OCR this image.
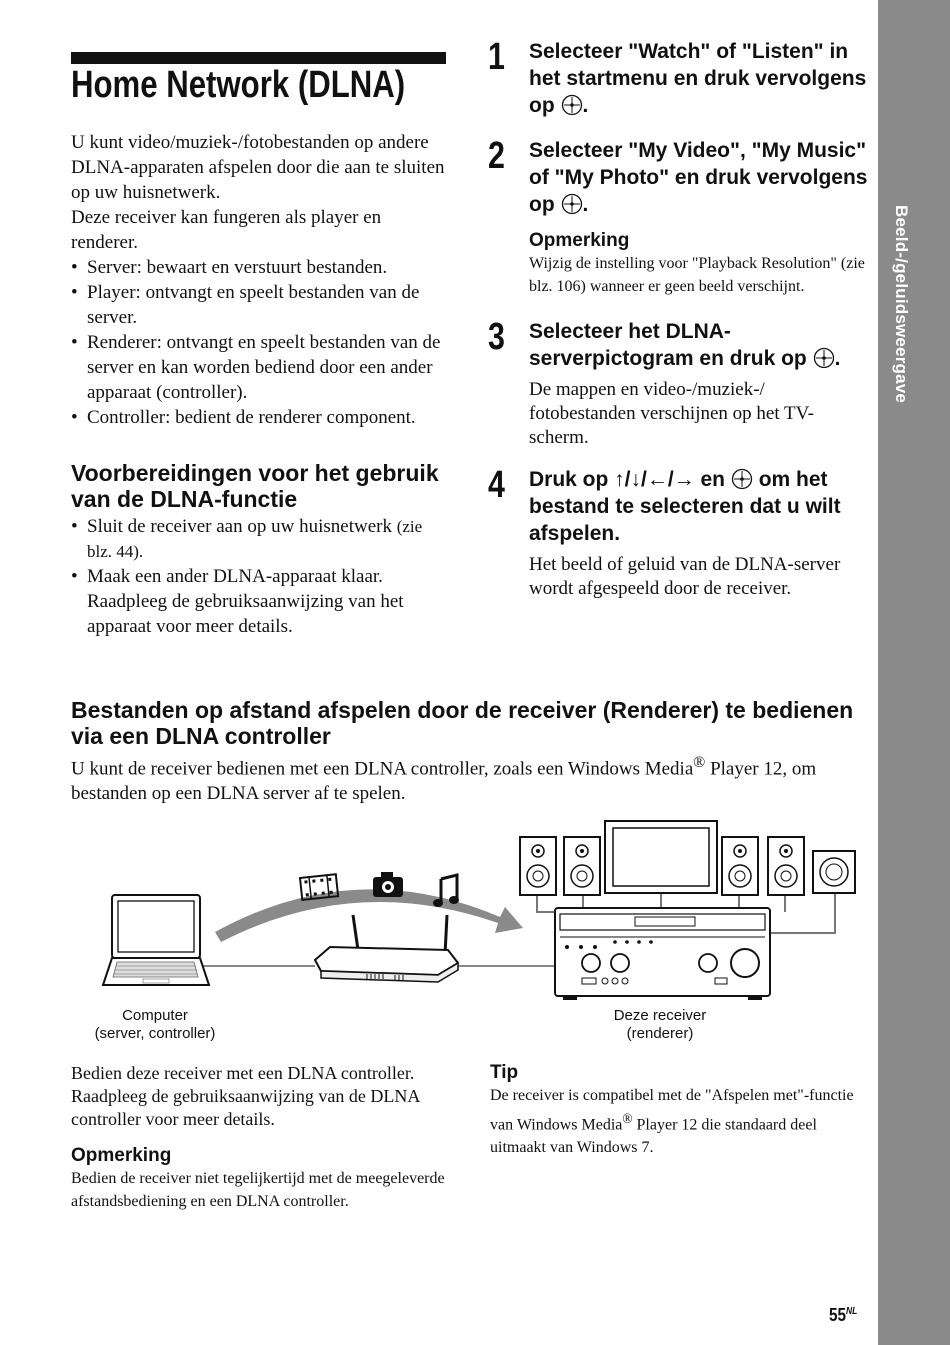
Beeld-/geluidsweergave
Home Network (DLNA)

U kunt video/muziek-/fotobestanden op andere DLNA-apparaten afspelen door die aan te sluiten op uw huisnetwerk.

Deze receiver kan fungeren als player en renderer.

• Server: bewaart en verstuurt bestanden.
• Player: ontvangt en speelt bestanden van de server.
• Renderer: ontvangt en speelt bestanden van de server en kan worden bediend door een ander apparaat (controller).
• Controller: bedient de renderer component.
Voorbereidingen voor het gebruik van de DLNA-functie
• Sluit de receiver aan op uw huisnetwerk (zie blz. 44).
• Maak een ander DLNA-apparaat klaar. Raadpleeg de gebruiksaanwijzing van het apparaat voor meer details.
1 Selecteer "Watch" of "Listen" in het startmenu en druk vervolgens op .
2 Selecteer "My Video", "My Music" of "My Photo" en druk vervolgens op .
Opmerking
Wijzig de instelling voor "Playback Resolution" (zie blz. 106) wanneer er geen beeld verschijnt.
3 Selecteer het DLNA-serverpictogram en druk op .
De mappen en video-/muziek-/ fotobestanden verschijnen op het TV-scherm.
4 Druk op ↑/↓/←/→ en om het bestand te selecteren dat u wilt afspelen.
Het beeld of geluid van de DLNA-server wordt afgespeeld door de receiver.
Bestanden op afstand afspelen door de receiver (Renderer) te bedienen via een DLNA controller

U kunt de receiver bedienen met een DLNA controller, zoals een Windows Media® Player 12, om bestanden op een DLNA server af te spelen.

Computer
(server, controller)
Deze receiver
(renderer)

Bedien deze receiver met een DLNA controller. Raadpleeg de gebruiksaanwijzing van de DLNA controller voor meer details.

Opmerking

Bedien de receiver niet tegelijkertijd met de meegeleverde afstandsbediening en een DLNA controller.

Tip

De receiver is compatibel met de "Afspelen met"-functie van Windows Media® Player 12 die standaard deel uitmaakt van Windows 7.

$55^{NL}$
